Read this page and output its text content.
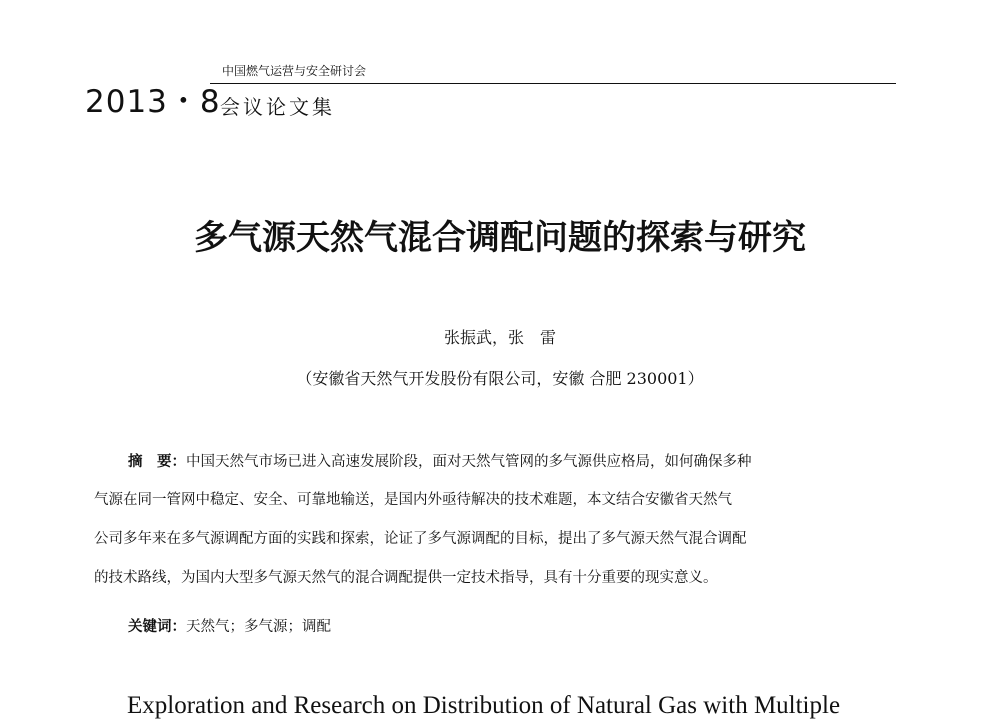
2013・8
中国燃气运营与安全研讨会
会议论文集
多气源天然气混合调配问题的探索与研究
张振武，张　雷
（安徽省天然气开发股份有限公司，安徽 合肥 230001）
摘　要：中国天然气市场已进入高速发展阶段，面对天然气管网的多气源供应格局，如何确保多种
气源在同一管网中稳定、安全、可靠地输送，是国内外亟待解决的技术难题，本文结合安徽省天然气
公司多年来在多气源调配方面的实践和探索，论证了多气源调配的目标，提出了多气源天然气混合调配
的技术路线，为国内大型多气源天然气的混合调配提供一定技术指导，具有十分重要的现实意义。
关键词：天然气；多气源；调配
Exploration and Research on Distribution of Natural Gas with Multiple
